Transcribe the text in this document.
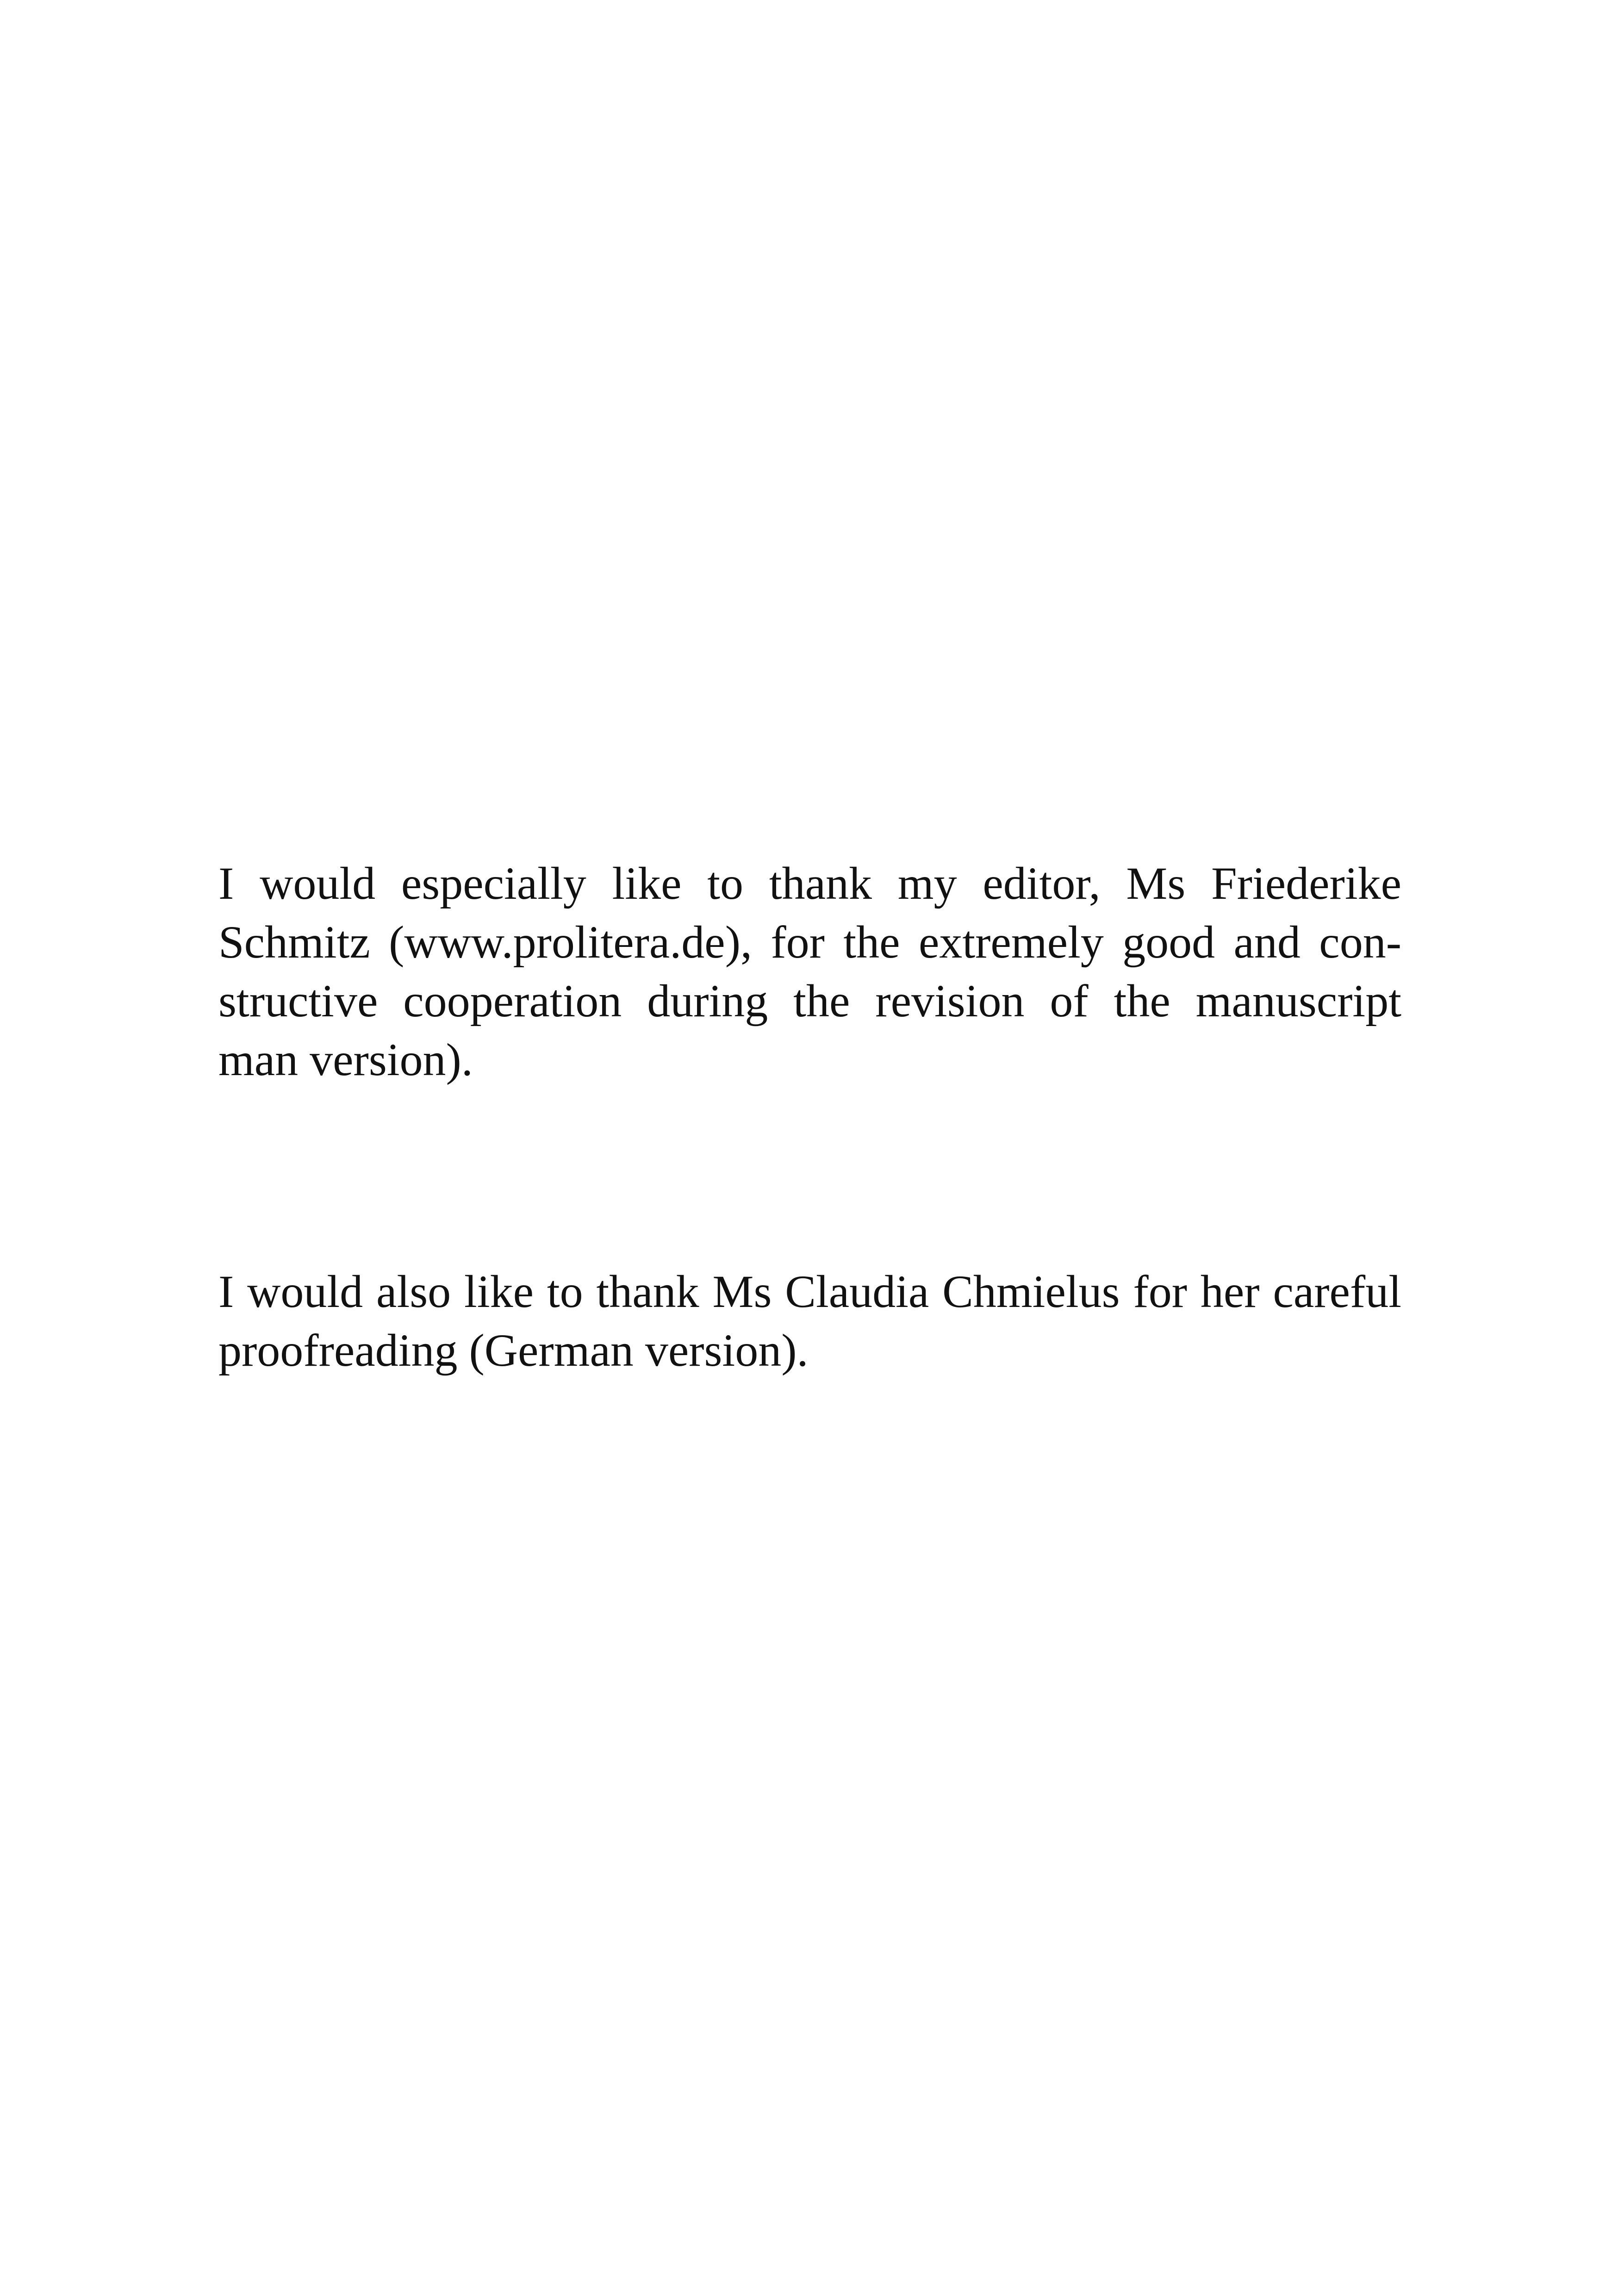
I would especially like to thank my editor, Ms Friederike
Schmitz (www.prolitera.de), for the extremely good and con-
structive cooperation during the revision of the manuscript
man version).
I would also like to thank Ms Claudia Chmielus for her careful
proofreading (German version).
